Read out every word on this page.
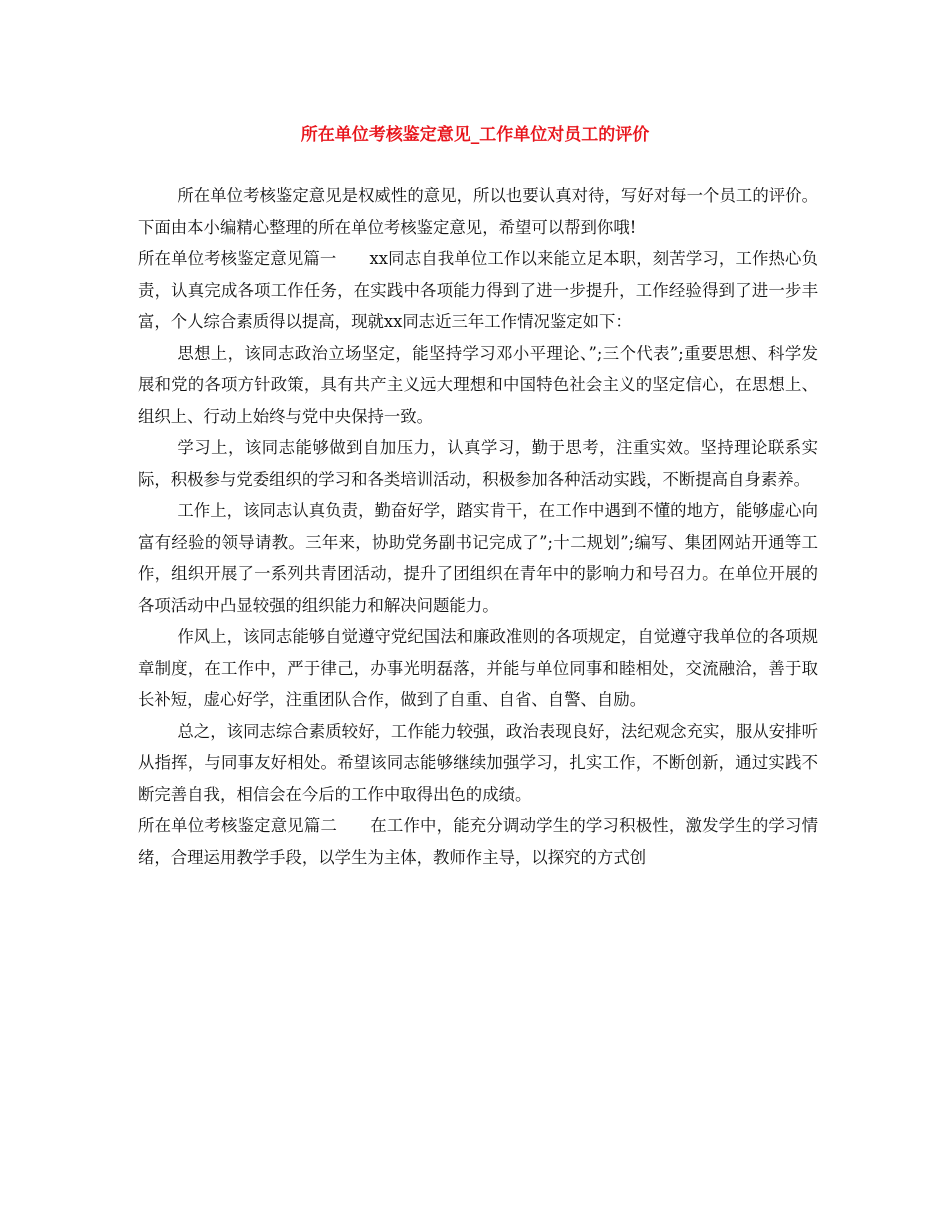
所在单位考核鉴定意见_工作单位对员工的评价

所在单位考核鉴定意见是权威性的意见，所以也要认真对待，写好对每一个员工的评价。下面由本小编精心整理的所在单位考核鉴定意见，希望可以帮到你哦!

所在单位考核鉴定意见篇一　　xx同志自我单位工作以来能立足本职，刻苦学习，工作热心负责，认真完成各项工作任务，在实践中各项能力得到了进一步提升，工作经验得到了进一步丰富，个人综合素质得以提高，现就xx同志近三年工作情况鉴定如下：

思想上，该同志政治立场坚定，能坚持学习邓小平理论、”;三个代表”;重要思想、科学发展和党的各项方针政策，具有共产主义远大理想和中国特色社会主义的坚定信心，在思想上、组织上、行动上始终与党中央保持一致。

学习上，该同志能够做到自加压力，认真学习，勤于思考，注重实效。坚持理论联系实际，积极参与党委组织的学习和各类培训活动，积极参加各种活动实践，不断提高自身素养。

工作上，该同志认真负责，勤奋好学，踏实肯干，在工作中遇到不懂的地方，能够虚心向富有经验的领导请教。三年来，协助党务副书记完成了”;十二规划”;编写、集团网站开通等工作，组织开展了一系列共青团活动，提升了团组织在青年中的影响力和号召力。在单位开展的各项活动中凸显较强的组织能力和解决问题能力。

作风上，该同志能够自觉遵守党纪国法和廉政准则的各项规定，自觉遵守我单位的各项规章制度，在工作中，严于律己，办事光明磊落，并能与单位同事和睦相处，交流融洽，善于取长补短，虚心好学，注重团队合作，做到了自重、自省、自警、自励。

总之，该同志综合素质较好，工作能力较强，政治表现良好，法纪观念充实，服从安排听从指挥，与同事友好相处。希望该同志能够继续加强学习，扎实工作，不断创新，通过实践不断完善自我，相信会在今后的工作中取得出色的成绩。

所在单位考核鉴定意见篇二　　在工作中，能充分调动学生的学习积极性，激发学生的学习情绪，合理运用教学手段，以学生为主体，教师作主导，以探究的方式创
